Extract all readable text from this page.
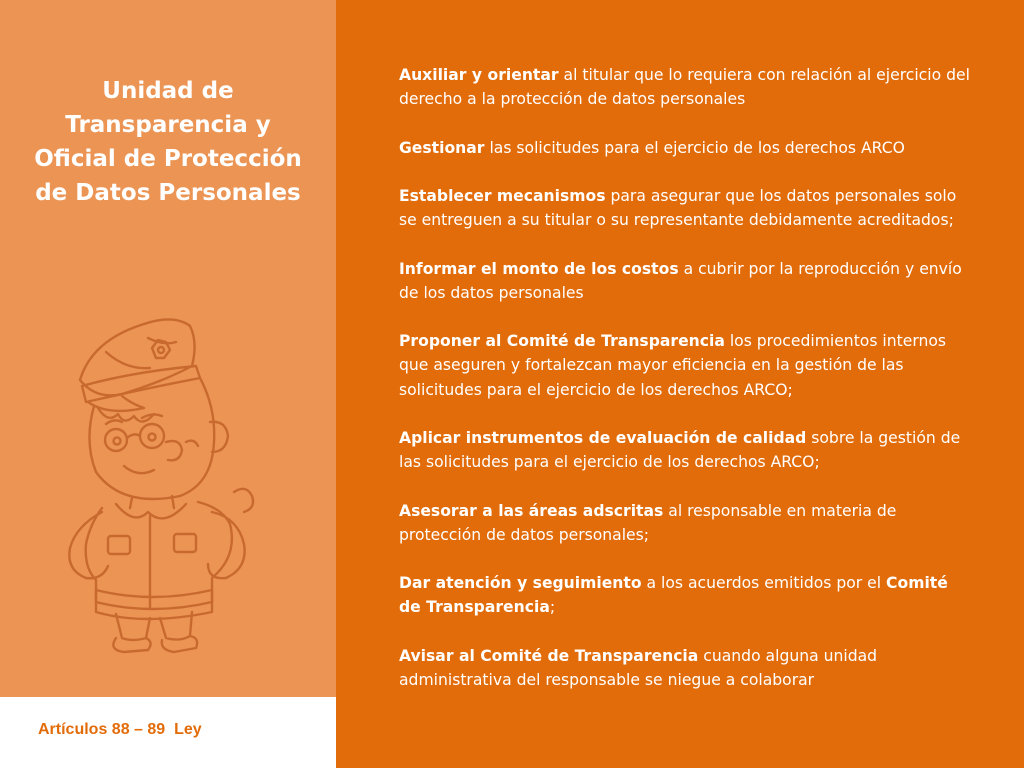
Unidad de
Transparencia y
Oficial de Protección
de Datos Personales

Artículos 88 – 89  Ley

Auxiliar y orientar al titular que lo requiera con relación al ejercicio del derecho a la protección de datos personales
Gestionar las solicitudes para el ejercicio de los derechos ARCO
Establecer mecanismos para asegurar que los datos personales solo se entreguen a su titular o su representante debidamente acreditados;
Informar el monto de los costos a cubrir por la reproducción y envío de los datos personales
Proponer al Comité de Transparencia los procedimientos internos que aseguren y fortalezcan mayor eficiencia en la gestión de las solicitudes para el ejercicio de los derechos ARCO;
Aplicar instrumentos de evaluación de calidad sobre la gestión de las solicitudes para el ejercicio de los derechos ARCO;
Asesorar a las áreas adscritas al responsable en materia de protección de datos personales;
Dar atención y seguimiento a los acuerdos emitidos por el Comité de Transparencia;
Avisar al Comité de Transparencia cuando alguna unidad administrativa del responsable se niegue a colaborar
